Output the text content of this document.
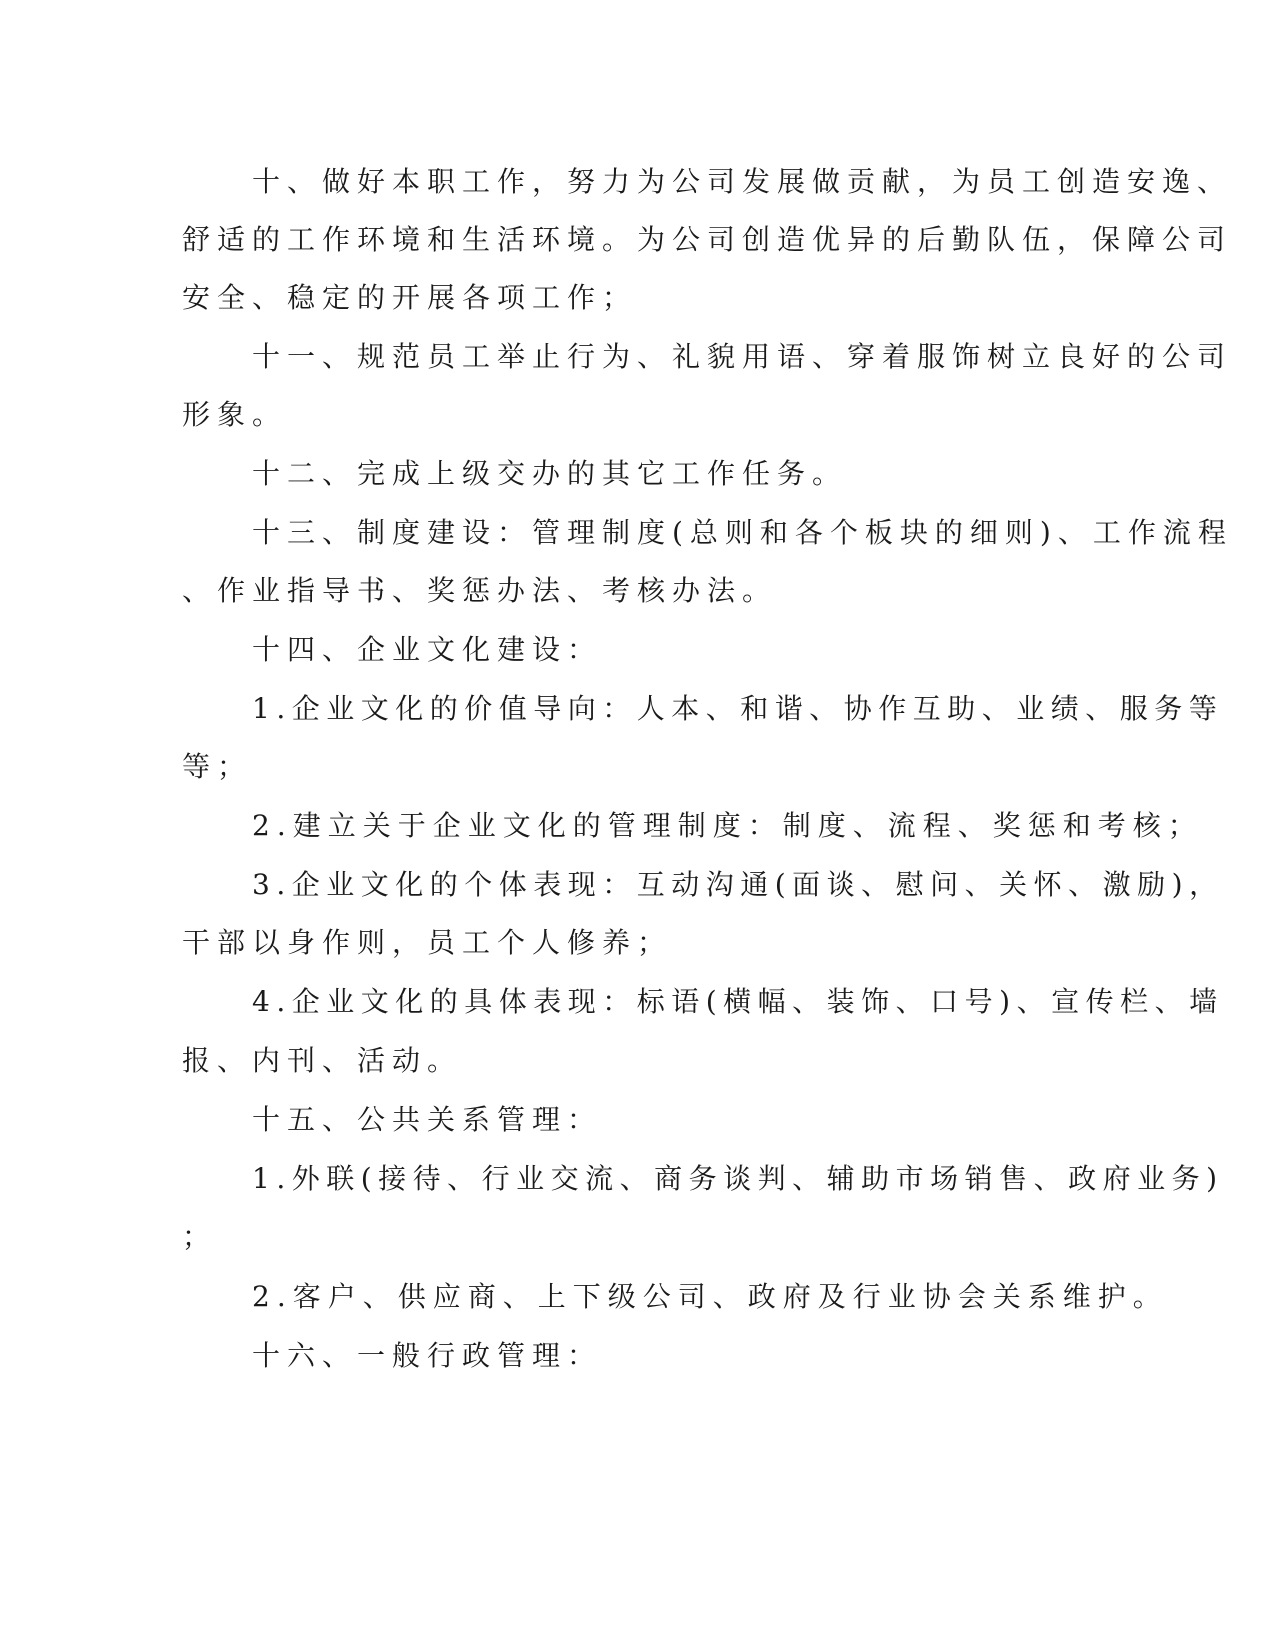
十、做好本职工作，努力为公司发展做贡献，为员工创造安逸、
舒适的工作环境和生活环境。为公司创造优异的后勤队伍，保障公司
安全、稳定的开展各项工作；
十一、规范员工举止行为、礼貌用语、穿着服饰树立良好的公司
形象。
十二、完成上级交办的其它工作任务。
十三、制度建设：管理制度(总则和各个板块的细则)、工作流程
、作业指导书、奖惩办法、考核办法。
十四、企业文化建设：
1.企业文化的价值导向：人本、和谐、协作互助、业绩、服务等
等；
2.建立关于企业文化的管理制度：制度、流程、奖惩和考核；
3.企业文化的个体表现：互动沟通(面谈、慰问、关怀、激励)，
干部以身作则，员工个人修养；
4.企业文化的具体表现：标语(横幅、装饰、口号)、宣传栏、墙
报、内刊、活动。
十五、公共关系管理：
1.外联(接待、行业交流、商务谈判、辅助市场销售、政府业务)
；
2.客户、供应商、上下级公司、政府及行业协会关系维护。
十六、一般行政管理：
